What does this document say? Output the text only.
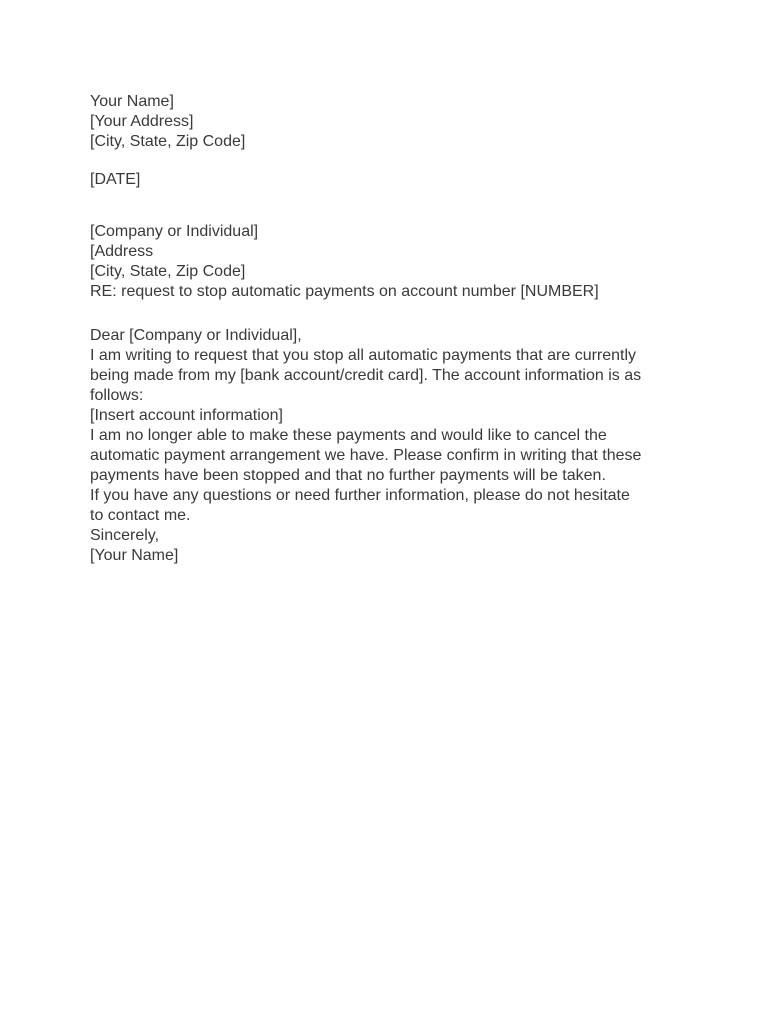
Your Name]
[Your Address]
[City, State, Zip Code]
[DATE]
[Company or Individual]
[Address
[City, State, Zip Code]
RE: request to stop automatic payments on account number [NUMBER]
Dear [Company or Individual],
I am writing to request that you stop all automatic payments that are currently
being made from my [bank account/credit card]. The account information is as
follows:
[Insert account information]
I am no longer able to make these payments and would like to cancel the
automatic payment arrangement we have. Please confirm in writing that these
payments have been stopped and that no further payments will be taken.
If you have any questions or need further information, please do not hesitate
to contact me.
Sincerely,
[Your Name]
